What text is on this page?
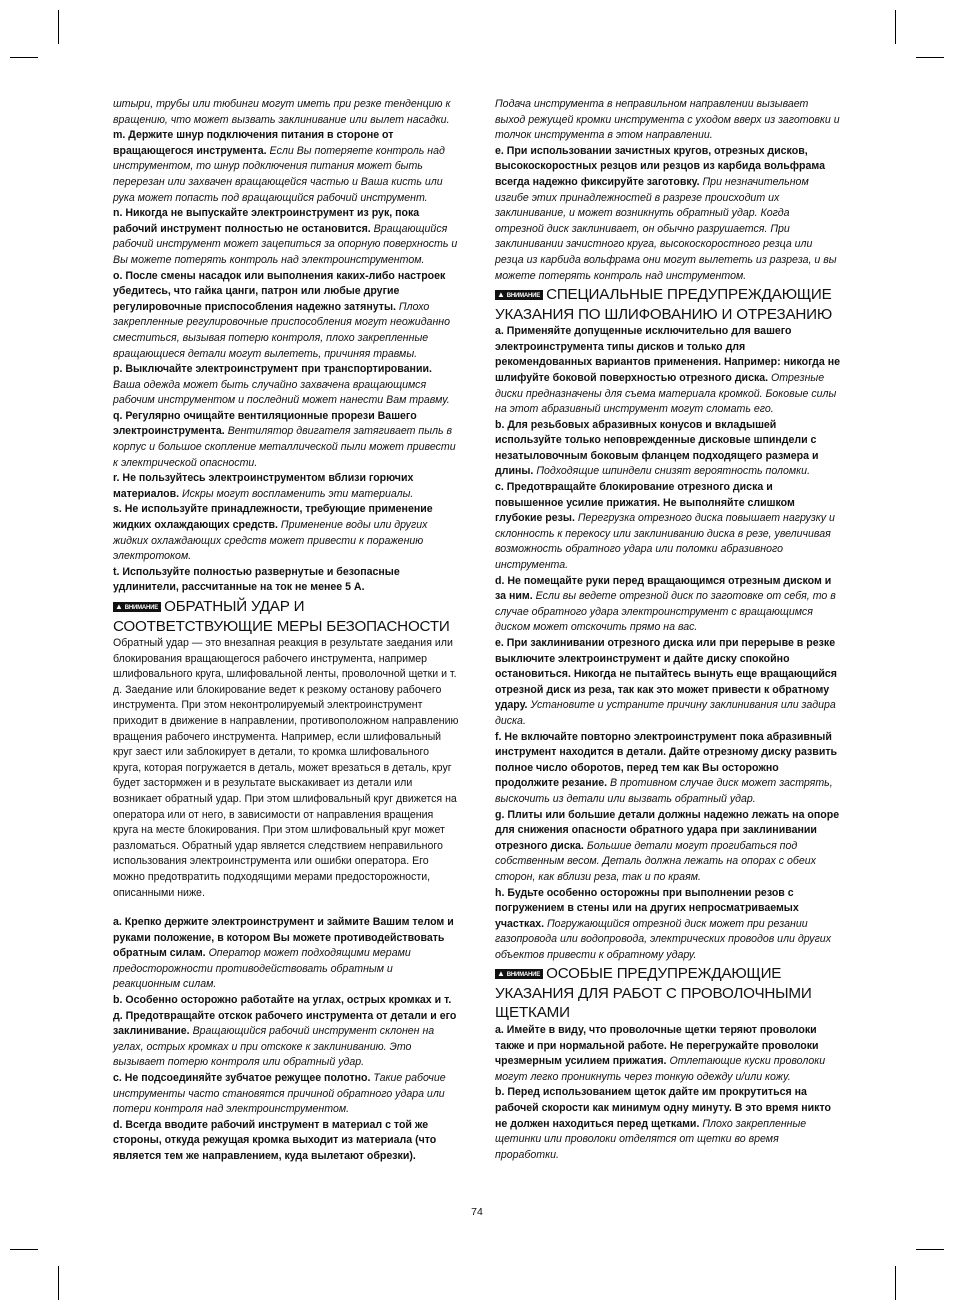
штыри, трубы или тюбинги могут иметь при резке тенденцию к вращению, что может вызвать заклинивание или вылет насадки.

m. Держите шнур подключения питания в стороне от вращающегося инструмента. Если Вы потеряете контроль над инструментом, то шнур подключения питания может быть перерезан или захвачен вращающейся частью и Ваша кисть или рука может попасть под вращающийся рабочий инструмент.

n. Никогда не выпускайте электроинструмент из рук, пока рабочий инструмент полностью не остановится. Вращающийся рабочий инструмент может зацепиться за опорную поверхность и Вы можете потерять контроль над электроинструментом.

o. После смены насадок или выполнения каких-либо настроек убедитесь, что гайка цанги, патрон или любые другие регулировочные приспособления надежно затянуты. Плохо закрепленные регулировочные приспособления могут неожиданно сместиться, вызывая потерю контроля, плохо закрепленные вращающиеся детали могут вылететь, причиняя травмы.

p. Выключайте электроинструмент при транспортировании. Ваша одежда может быть случайно захвачена вращающимся рабочим инструментом и последний может нанести Вам травму.

q. Регулярно очищайте вентиляционные прорези Вашего электроинструмента. Вентилятор двигателя затягивает пыль в корпус и большое скопление металлической пыли может привести к электрической опасности.

r. Не пользуйтесь электроинструментом вблизи горючих материалов. Искры могут воспламенить эти материалы.

s. Не используйте принадлежности, требующие применение жидких охлаждающих средств. Применение воды или других жидких охлаждающих средств может привести к поражению электротоком.

t. Используйте полностью развернутые и безопасные удлинители, рассчитанные на ток не менее 5 А.

▲ ВНИМАНИЕ ОБРАТНЫЙ УДАР И СООТВЕТСТВУЮЩИЕ МЕРЫ БЕЗОПАСНОСТИ

Обратный удар — это внезапная реакция в результате заедания или блокирования вращающегося рабочего инструмента, например шлифовального круга, шлифовальной ленты, проволочной щетки и т. д. Заедание или блокирование ведет к резкому останову рабочего инструмента. При этом неконтролируемый электроинструмент приходит в движение в направлении, противоположном направлению вращения рабочего инструмента. Например, если шлифовальный круг заест или заблокирует в детали, то кромка шлифовального круга, которая погружается в деталь, может врезаться в деталь, круг будет застормжен и в результате выскакивает из детали или возникает обратный удар. При этом шлифовальный круг движется на оператора или от него, в зависимости от направления вращения круга на месте блокирования. При этом шлифовальный круг может разломаться. Обратный удар является следствием неправильного использования электроинструмента или ошибки оператора. Его можно предотвратить подходящими мерами предосторожности, описанными ниже.

a. Крепко держите электроинструмент и займите Вашим телом и руками положение, в котором Вы можете противодействовать обратным силам. Оператор может подходящими мерами предосторожности противодействовать обратным и реакционным силам.

b. Особенно осторожно работайте на углах, острых кромках и т. д. Предотвращайте отскок рабочего инструмента от детали и его заклинивание. Вращающийся рабочий инструмент склонен на углах, острых кромках и при отскоке к заклиниванию. Это вызывает потерю контроля или обратный удар.

c. Не подсоединяйте зубчатое режущее полотно. Такие рабочие инструменты часто становятся причиной обратного удара или потери контроля над электроинструментом.

d. Всегда вводите рабочий инструмент в материал с той же стороны, откуда режущая кромка выходит из материала (что является тем же направлением, куда вылетают обрезки).

Подача инструмента в неправильном направлении вызывает выход режущей кромки инструмента с уходом вверх из заготовки и толчок инструмента в этом направлении.

e. При использовании зачистных кругов, отрезных дисков, высокоскоростных резцов или резцов из карбида вольфрама всегда надежно фиксируйте заготовку. При незначительном изгибе этих принадлежностей в разрезе происходит их заклинивание, и может возникнуть обратный удар. Когда отрезной диск заклинивает, он обычно разрушается. При заклинивании зачистного круга, высокоскоростного резца или резца из карбида вольфрама они могут вылететь из разреза, и вы можете потерять контроль над инструментом.

▲ ВНИМАНИЕ СПЕЦИАЛЬНЫЕ ПРЕДУПРЕЖДАЮЩИЕ УКАЗАНИЯ ПО ШЛИФОВАНИЮ И ОТРЕЗАНИЮ

a. Применяйте допущенные исключительно для вашего электроинструмента типы дисков и только для рекомендованных вариантов применения. Например: никогда не шлифуйте боковой поверхностью отрезного диска. Отрезные диски предназначены для съема материала кромкой. Боковые силы на этот абразивный инструмент могут сломать его.

b. Для резьбовых абразивных конусов и вкладышей используйте только неповрежденные дисковые шпиндели с незатыловочным боковым фланцем подходящего размера и длины. Подходящие шпиндели снизят вероятность поломки.

c. Предотвращайте блокирование отрезного диска и повышенное усилие прижатия. Не выполняйте слишком глубокие резы. Перегрузка отрезного диска повышает нагрузку и склонность к перекосу или заклиниванию диска в резе, увеличивая возможность обратного удара или поломки абразивного инструмента.

d. Не помещайте руки перед вращающимся отрезным диском и за ним. Если вы ведете отрезной диск по заготовке от себя, то в случае обратного удара электроинструмент с вращающимся диском может отскочить прямо на вас.

e. При заклинивании отрезного диска или при перерыве в резке выключите электроинструмент и дайте диску спокойно остановиться. Никогда не пытайтесь вынуть еще вращающийся отрезной диск из реза, так как это может привести к обратному удару. Установите и устраните причину заклинивания или задира диска.

f. Не включайте повторно электроинструмент пока абразивный инструмент находится в детали. Дайте отрезному диску развить полное число оборотов, перед тем как Вы осторожно продолжите резание. В противном случае диск может застрять, выскочить из детали или вызвать обратный удар.

g. Плиты или большие детали должны надежно лежать на опоре для снижения опасности обратного удара при заклинивании отрезного диска. Большие детали могут прогибаться под собственным весом. Деталь должна лежать на опорах с обеих сторон, как вблизи реза, так и по краям.

h. Будьте особенно осторожны при выполнении резов с погружением в стены или на других непросматриваемых участках. Погружающийся отрезной диск может при резании газопровода или водопровода, электрических проводов или других объектов привести к обратному удару.

▲ ВНИМАНИЕ ОСОБЫЕ ПРЕДУПРЕЖДАЮЩИЕ УКАЗАНИЯ ДЛЯ РАБОТ С ПРОВОЛОЧНЫМИ ЩЕТКАМИ

a. Имейте в виду, что проволочные щетки теряют проволоки также и при нормальной работе. Не перегружайте проволоки чрезмерным усилием прижатия. Отлетающие куски проволоки могут легко проникнуть через тонкую одежду и/или кожу.

b. Перед использованием щеток дайте им прокрутиться на рабочей скорости как минимум одну минуту. В это время никто не должен находиться перед щетками. Плохо закрепленные щетинки или проволоки отделятся от щетки во время проработки.

74
